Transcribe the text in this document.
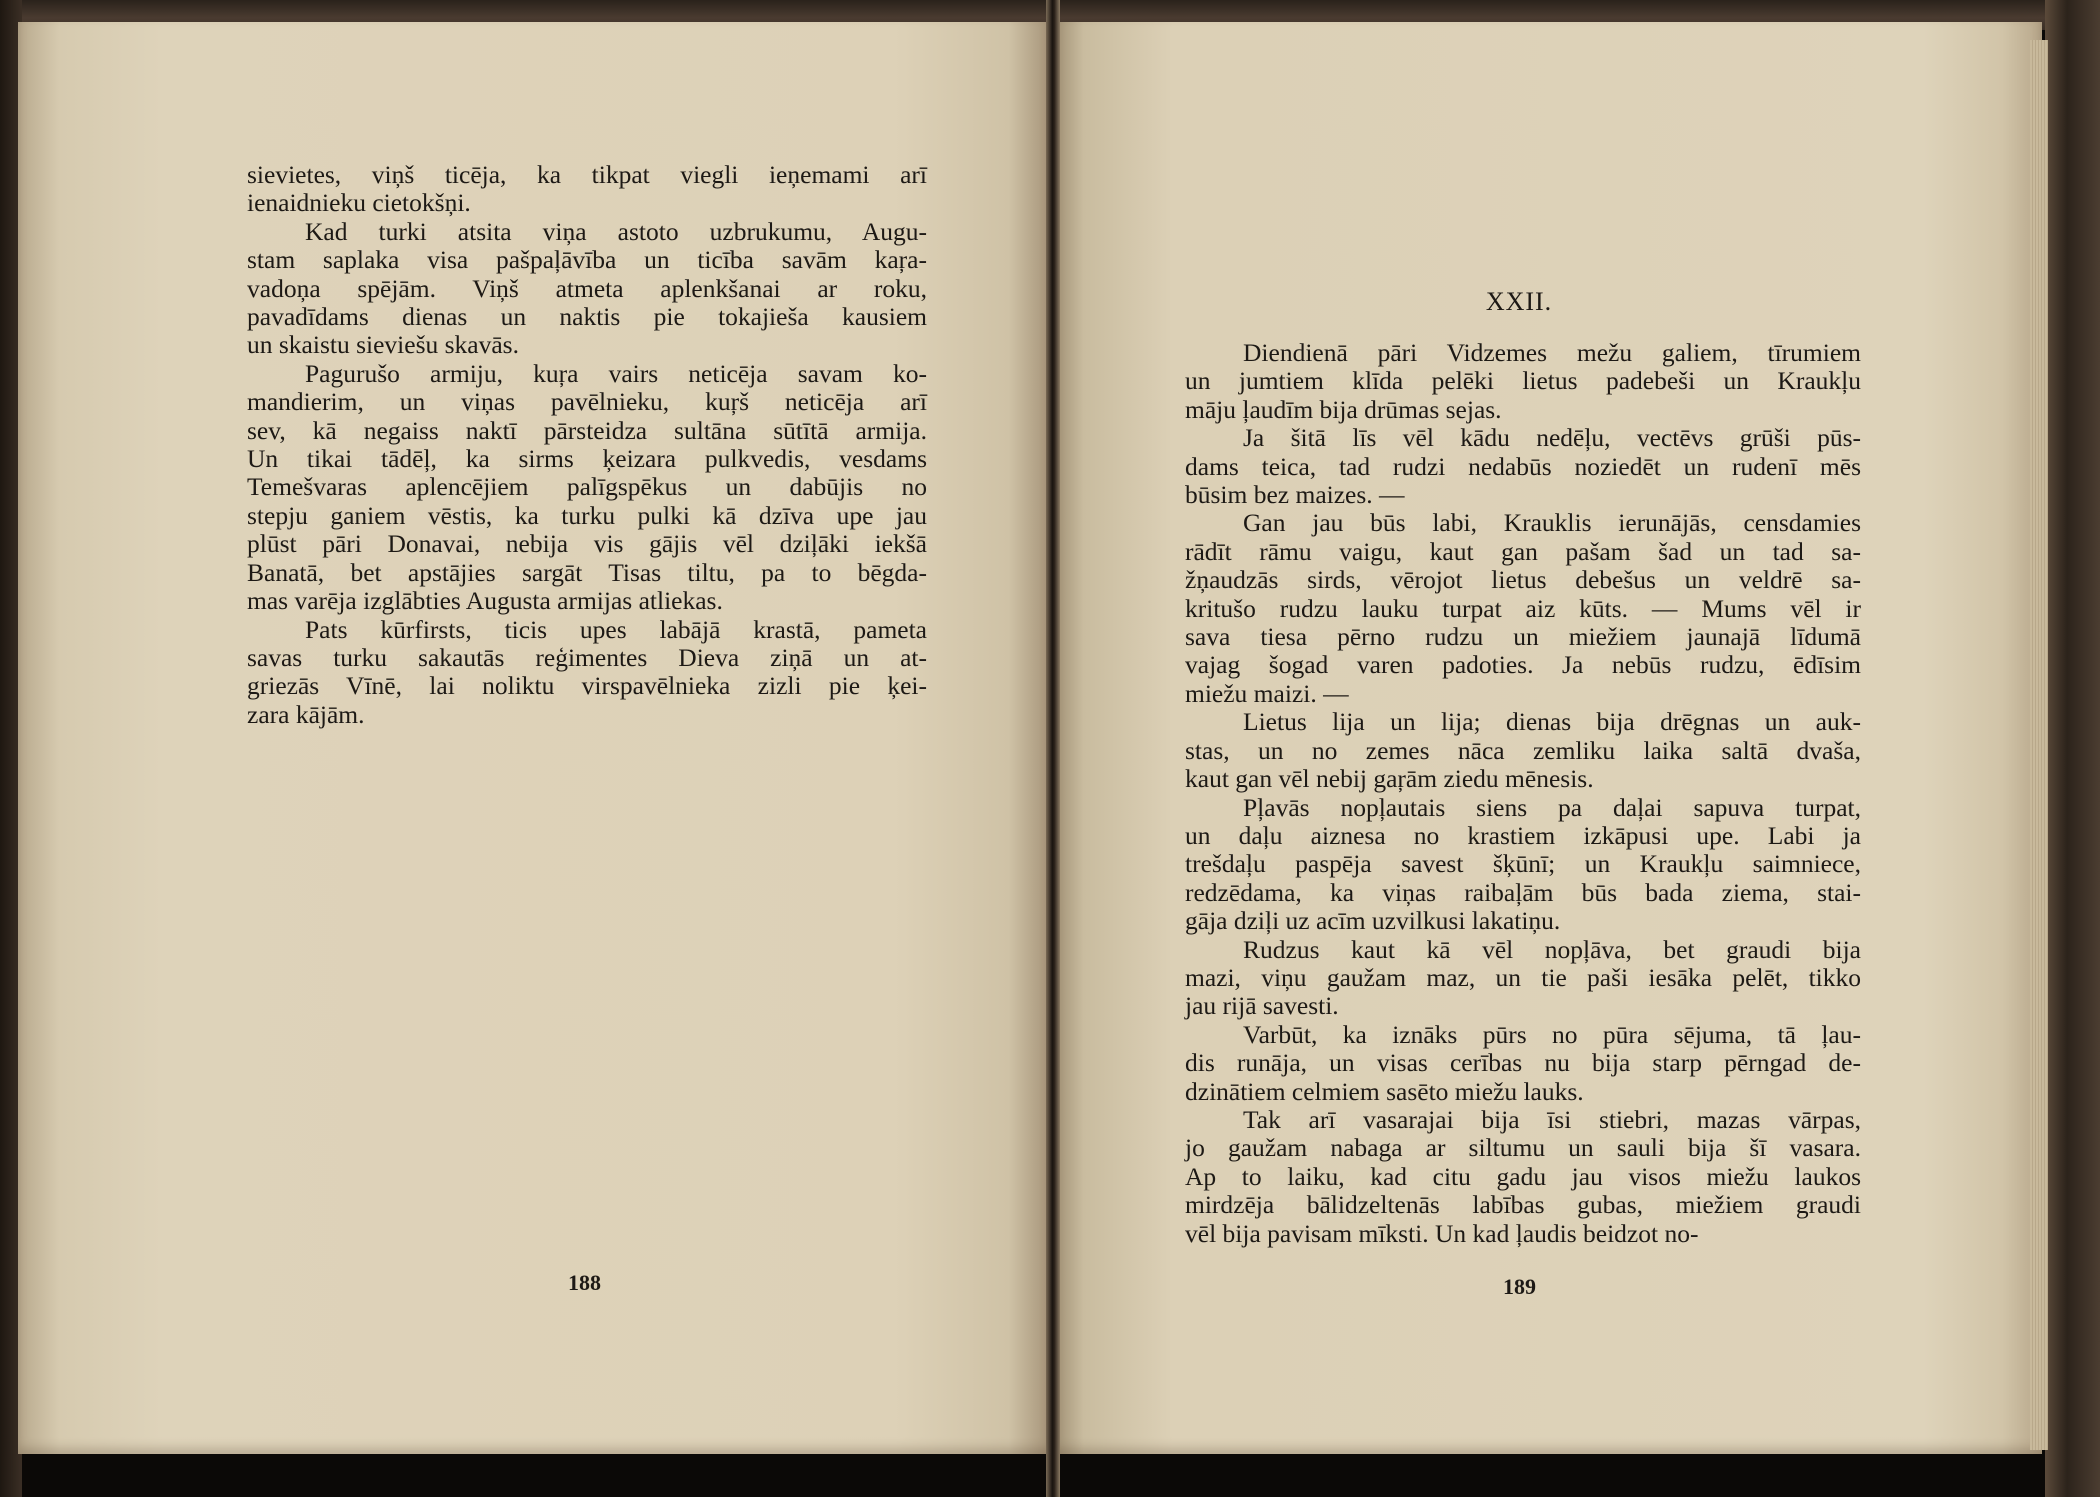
sievietes, viņš ticēja, ka tikpat viegli ieņemami arī
ienaidnieku cietokšņi.

Kad turki atsita viņa astoto uzbrukumu, Augu-
stam saplaka visa pašpaļāvība un ticība savām kaŗa-
vadoņa spējām. Viņš atmeta aplenkšanai ar roku,
pavadīdams dienas un naktis pie tokajieša kausiem
un skaistu sieviešu skavās.

Pagurušo armiju, kuŗa vairs neticēja savam ko-
mandierim, un viņas pavēlnieku, kuŗš neticēja arī
sev, kā negaiss naktī pārsteidza sultāna sūtītā armija.
Un tikai tādēļ, ka sirms ķeizara pulkvedis, vesdams
Temešvaras aplencējiem palīgspēkus un dabūjis no
stepju ganiem vēstis, ka turku pulki kā dzīva upe jau
plūst pāri Donavai, nebija vis gājis vēl dziļāki iekšā
Banatā, bet apstājies sargāt Tisas tiltu, pa to bēgda-
mas varēja izglābties Augusta armijas atliekas.

Pats kūrfirsts, ticis upes labājā krastā, pameta
savas turku sakautās reģimentes Dieva ziņā un at-
griezās Vīnē, lai noliktu virspavēlnieka zizli pie ķei-
zara kājām.

XXII.

Diendienā pāri Vidzemes mežu galiem, tīrumiem
un jumtiem klīda pelēki lietus padebeši un Kraukļu
māju ļaudīm bija drūmas sejas.

Ja šitā līs vēl kādu nedēļu, vectēvs grūši pūs-
dams teica, tad rudzi nedabūs noziedēt un rudenī mēs
būsim bez maizes. —

Gan jau būs labi, Krauklis ierunājās, censdamies
rādīt rāmu vaigu, kaut gan pašam šad un tad sa-
žņaudzās sirds, vērojot lietus debešus un veldrē sa-
kritušo rudzu lauku turpat aiz kūts. — Mums vēl ir
sava tiesa pērno rudzu un miežiem jaunajā līdumā
vajag šogad varen padoties. Ja nebūs rudzu, ēdīsim
miežu maizi. —

Lietus lija un lija; dienas bija drēgnas un auk-
stas, un no zemes nāca zemliku laika saltā dvaša,
kaut gan vēl nebij gaŗām ziedu mēnesis.

Pļavās nopļautais siens pa daļai sapuva turpat,
un daļu aiznesa no krastiem izkāpusi upe. Labi ja
trešdaļu paspēja savest šķūnī; un Kraukļu saimniece,
redzēdama, ka viņas raibaļām būs bada ziema, stai-
gāja dziļi uz acīm uzvilkusi lakatiņu.

Rudzus kaut kā vēl nopļāva, bet graudi bija
mazi, viņu gaužam maz, un tie paši iesāka pelēt, tikko
jau rijā savesti.

Varbūt, ka iznāks pūrs no pūra sējuma, tā ļau-
dis runāja, un visas cerības nu bija starp pērngad de-
dzinātiem celmiem sasēto miežu lauks.

Tak arī vasarajai bija īsi stiebri, mazas vārpas,
jo gaužam nabaga ar siltumu un sauli bija šī vasara.
Ap to laiku, kad citu gadu jau visos miežu laukos
mirdzēja bālidzeltenās labības gubas, miežiem graudi
vēl bija pavisam mīksti. Un kad ļaudis beidzot no-

188	189
